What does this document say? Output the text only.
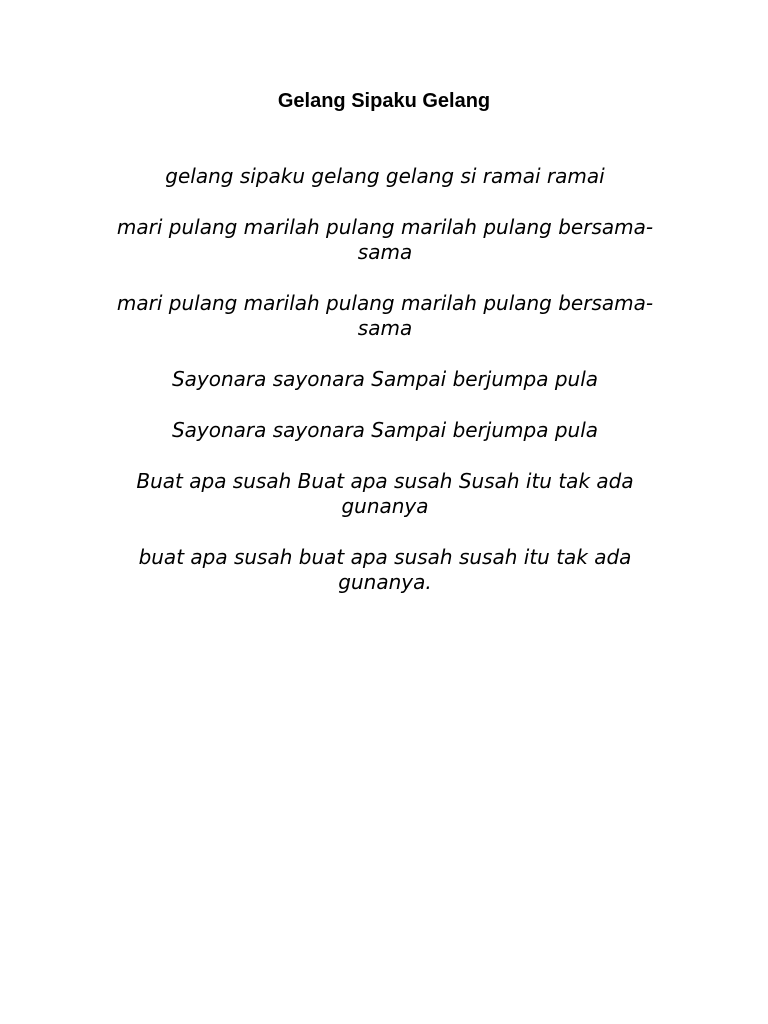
Gelang Sipaku Gelang
gelang sipaku gelang gelang si ramai ramai
mari pulang marilah pulang marilah pulang bersama-sama
mari pulang marilah pulang marilah pulang bersama-sama
Sayonara sayonara Sampai berjumpa pula
Sayonara sayonara Sampai berjumpa pula
Buat apa susah Buat apa susah Susah itu tak ada gunanya
buat apa susah buat apa susah susah itu tak ada gunanya.
